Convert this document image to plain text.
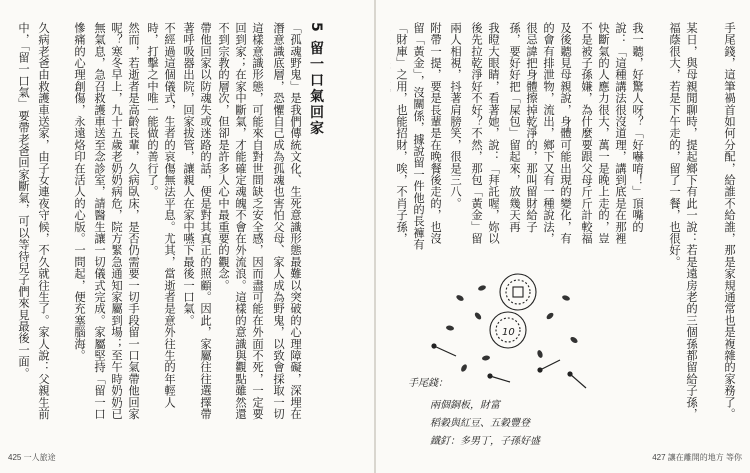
「孤魂野鬼」是我們傳統文化、生死意識形態最難以突破的心理障礙，深埋在潛意識底層，恐懼自己成為孤魂也害怕父母、家人成為野鬼，以致會採取一切
5 留一口氣回家
這樣意識形態，可能來自對世間缺乏安全感，因而盡可能在外面不死，一定要回到家；在家中斷氣，才能確定魂魄不會在外流浪。這樣的意識與觀點雖然還不到宗教的層次，但卻是許多人心中最重要的觀念。
帶他回家以防魂失或迷路的話，便是對其真正的照顧。因此，家屬往往選擇帶著呼吸器出院，回家拔管，讓親人在家中嚥下最後一口氣。
不經過這個儀式，生者的哀傷無法平息。尤其，當逝者是意外往生的年輕人時，打擊之中唯一能做的善行了。
然而，若逝者是高齡長輩，久病臥床，是否仍需要一切手段留一口氣帶他回家呢？寒冬早上，九十五歲老奶奶病危，院方緊急通知家屬到場；至午時奶奶已無氣息，急召救護車送至念診室，請醫生讓一切儀式完成。家屬堅持「留一口
慘痛的心理創傷，永遠烙印在活人的心版。一問起，便充塞腦海。
久病老爸由救護車送家，由子女連夜守候，不久就往生了。家人說：父親生前
中，「留一口氣」要帶老爸回家斷氣，可以等待兒子們來見最後一面。
425 一人旅途
手尾錢，這筆禍首如何分配，給誰不給誰，那是家規通常也是複雜的家務了。
某日，與母親閒聊時，提起鄉下有此一說：若是遠房老的三個孫都留給子孫，福蔭很大，若是下午走的，留了一餐，也很好。
我一聽，好驚人呀？「好嚇唷！」頂嘴的說：「這種講法很沒道理，講到底是在那裡快斷氣的人應力很大，萬一是晚上走的，豈不是被子孫嫌，為什麼要跟父母斤斤計較福
及後聽見母親說，身體可能出現的變化，有的會有排泄物，流出，鄉下又有一種說法，很忌諱把身體擦掉乾淨的，那叫留財給子孫，要好好把「屎包」留起來，放幾天再
我瞪大眼睛，看著她，說：「拜託喔，妳以後先拉乾淨好不好？不然，那包「黃金」留
兩人相視，抖著肩膀笑，很是三八。
附帶一提，要是長輩是在晚餐後走的，也沒留「黃金」，沒關係，據說留一件他的長褲有「財庫」之用，也能招財，唉，不肖子孫，
10
手尾錢：
兩個銅板，財富
稻穀與紅豆、五穀豐登
鐵釘：多男丁，子孫好盛
427 讓在離開的地方 等你
